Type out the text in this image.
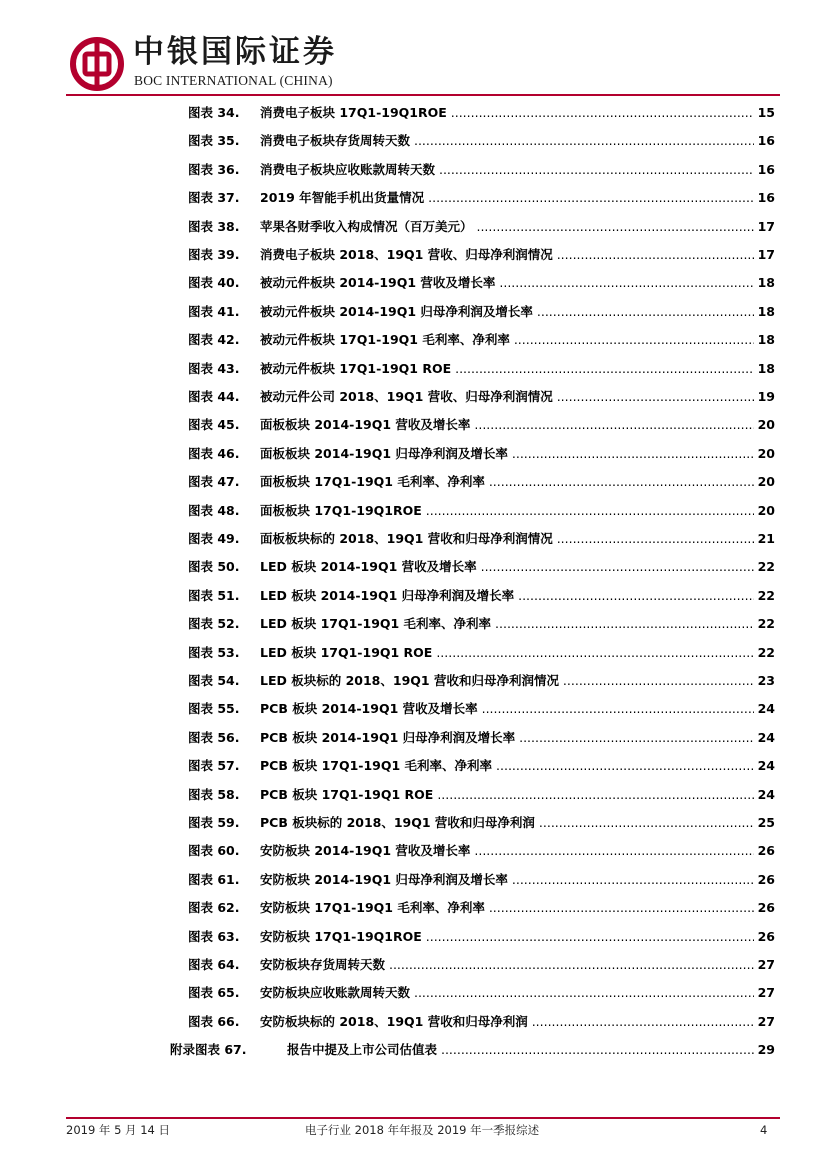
中银国际证券
BOC INTERNATIONAL (CHINA)
图表 34. 消费电子板块 17Q1-19Q1ROE .....	15
图表 35. 消费电子板块存货周转天数 .....	16
图表 36. 消费电子板块应收账款周转天数 .....	16
图表 37. 2019 年智能手机出货量情况 .....	16
图表 38. 苹果各财季收入构成情况（百万美元） .....	17
图表 39. 消费电子板块 2018、19Q1 营收、归母净利润情况 .....	17
图表 40. 被动元件板块 2014-19Q1 营收及增长率 .....	18
图表 41. 被动元件板块 2014-19Q1 归母净利润及增长率 .....	18
图表 42. 被动元件板块 17Q1-19Q1 毛利率、净利率 .....	18
图表 43. 被动元件板块 17Q1-19Q1 ROE .....	18
图表 44. 被动元件公司 2018、19Q1 营收、归母净利润情况 .....	19
图表 45. 面板板块 2014-19Q1 营收及增长率 .....	20
图表 46. 面板板块 2014-19Q1 归母净利润及增长率 .....	20
图表 47. 面板板块 17Q1-19Q1 毛利率、净利率 .....	20
图表 48. 面板板块 17Q1-19Q1ROE .....	20
图表 49. 面板板块标的 2018、19Q1 营收和归母净利润情况 .....	21
图表 50. LED 板块 2014-19Q1 营收及增长率 .....	22
图表 51. LED 板块 2014-19Q1 归母净利润及增长率 .....	22
图表 52. LED 板块 17Q1-19Q1 毛利率、净利率 .....	22
图表 53. LED 板块 17Q1-19Q1 ROE .....	22
图表 54. LED 板块标的 2018、19Q1 营收和归母净利润情况 .....	23
图表 55. PCB 板块 2014-19Q1 营收及增长率 .....	24
图表 56. PCB 板块 2014-19Q1 归母净利润及增长率 .....	24
图表 57. PCB 板块 17Q1-19Q1 毛利率、净利率 .....	24
图表 58. PCB 板块 17Q1-19Q1 ROE .....	24
图表 59. PCB 板块标的 2018、19Q1 营收和归母净利润 .....	25
图表 60. 安防板块 2014-19Q1 营收及增长率 .....	26
图表 61. 安防板块 2014-19Q1 归母净利润及增长率 .....	26
图表 62. 安防板块 17Q1-19Q1 毛利率、净利率 .....	26
图表 63. 安防板块 17Q1-19Q1ROE .....	26
图表 64. 安防板块存货周转天数 .....	27
图表 65. 安防板块应收账款周转天数 .....	27
图表 66. 安防板块标的 2018、19Q1 营收和归母净利润 .....	27
附录图表 67.	报告中提及上市公司估值表 .....	29
2019 年 5 月 14 日	电子行业 2018 年年报及 2019 年一季报综述	4
